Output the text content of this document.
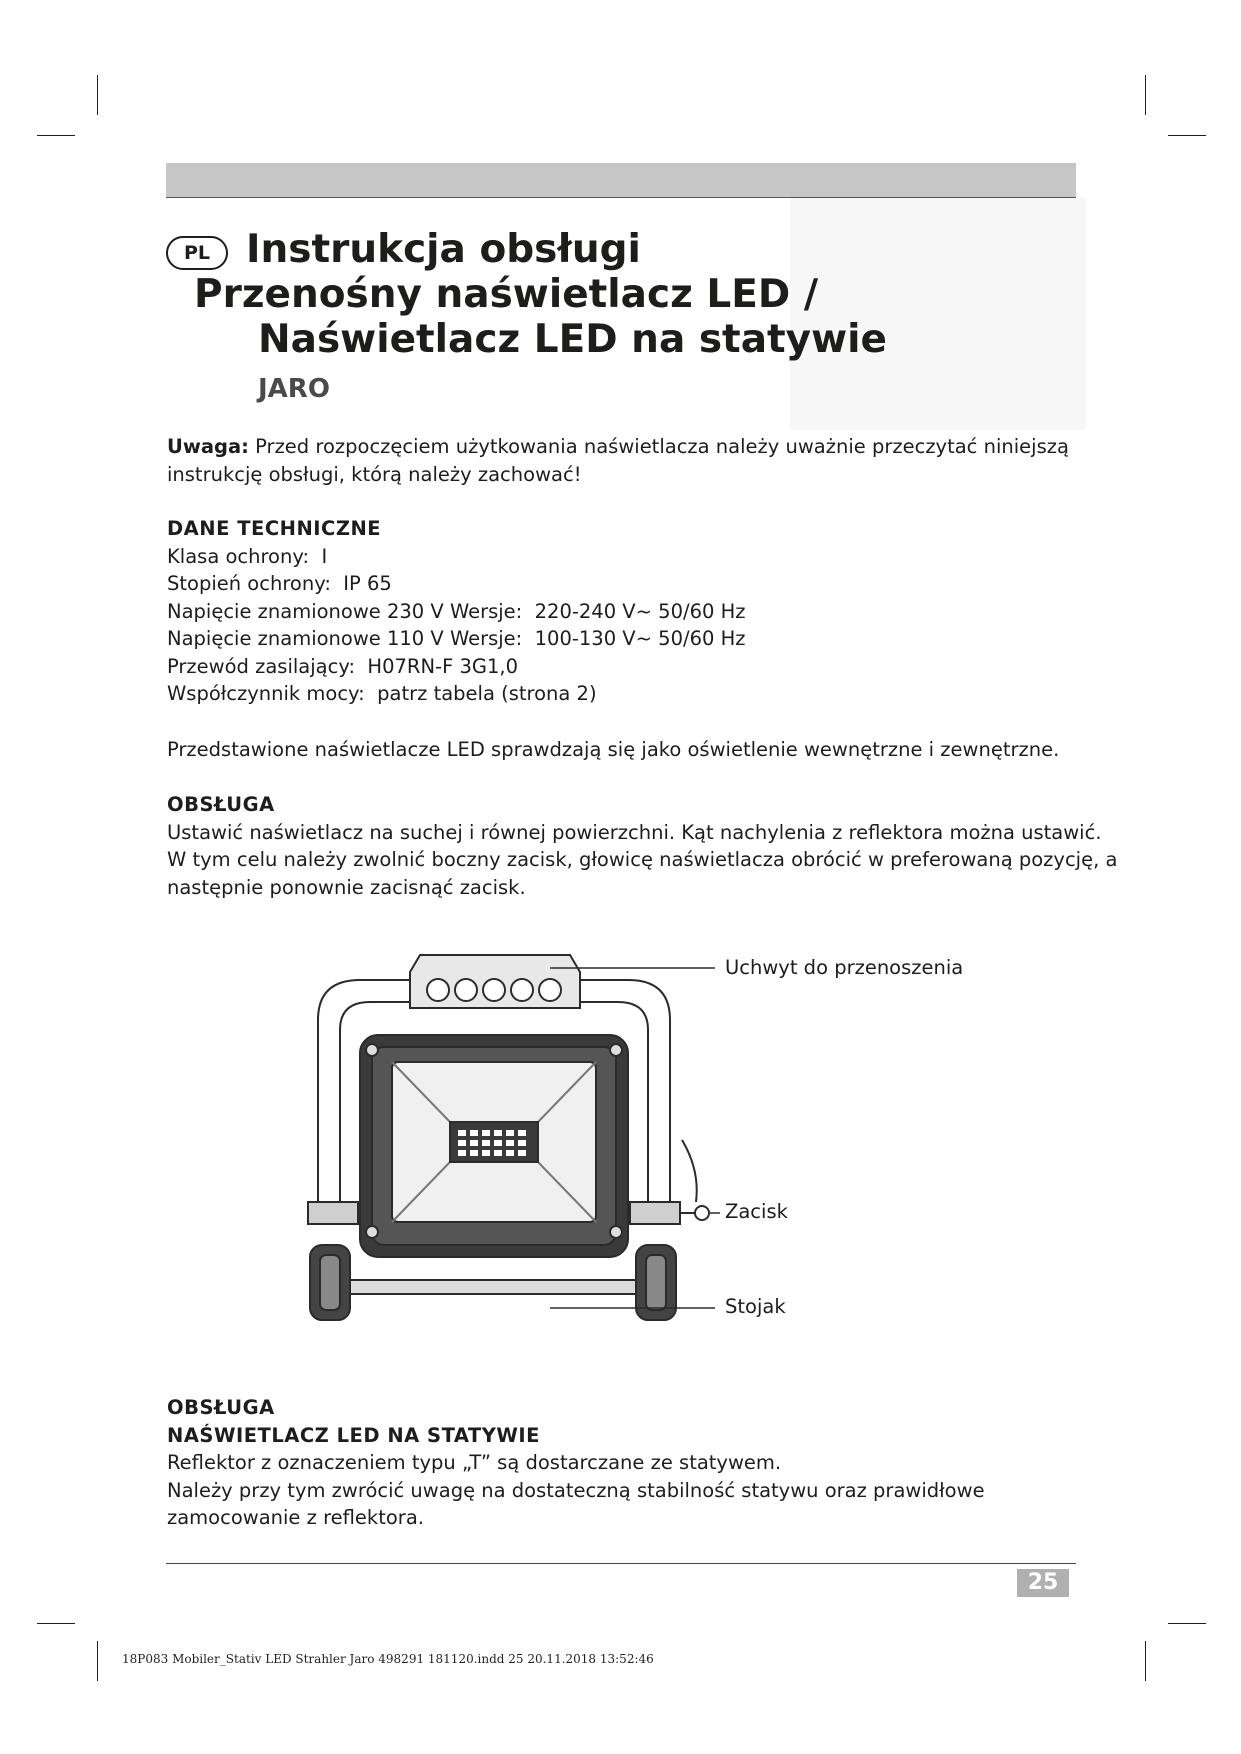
PL Instrukcja obsługi
Przenośny naświetlacz LED /
Naświetlacz LED na statywie
JARO
Uwaga: Przed rozpoczęciem użytkowania naświetlacza należy uważnie przeczytać niniejszą
instrukcję obsługi, którą należy zachować!
DANE TECHNICZNE
Klasa ochrony:  I
Stopień ochrony:  IP 65
Napięcie znamionowe 230 V Wersje:  220-240 V~ 50/60 Hz
Napięcie znamionowe 110 V Wersje:  100-130 V~ 50/60 Hz
Przewód zasilający:  H07RN-F 3G1,0
Współczynnik mocy:  patrz tabela (strona 2)
Przedstawione naświetlacze LED sprawdzają się jako oświetlenie wewnętrzne i zewnętrzne.
OBSŁUGA
Ustawić naświetlacz na suchej i równej powierzchni. Kąt nachylenia z reflektora można ustawić.
W tym celu należy zwolnić boczny zacisk, głowicę naświetlacza obrócić w preferowaną pozycję, a
następnie ponownie zacisnąć zacisk.
Uchwyt do przenoszenia
Zacisk
Stojak
OBSŁUGA
NAŚWIETLACZ LED NA STATYWIE
Reflektor z oznaczeniem typu „T” są dostarczane ze statywem.
Należy przy tym zwrócić uwagę na dostateczną stabilność statywu oraz prawidłowe
zamocowanie z reflektora.
25
18P083 Mobiler_Stativ LED Strahler Jaro 498291 181120.indd 25 20.11.2018 13:52:46
